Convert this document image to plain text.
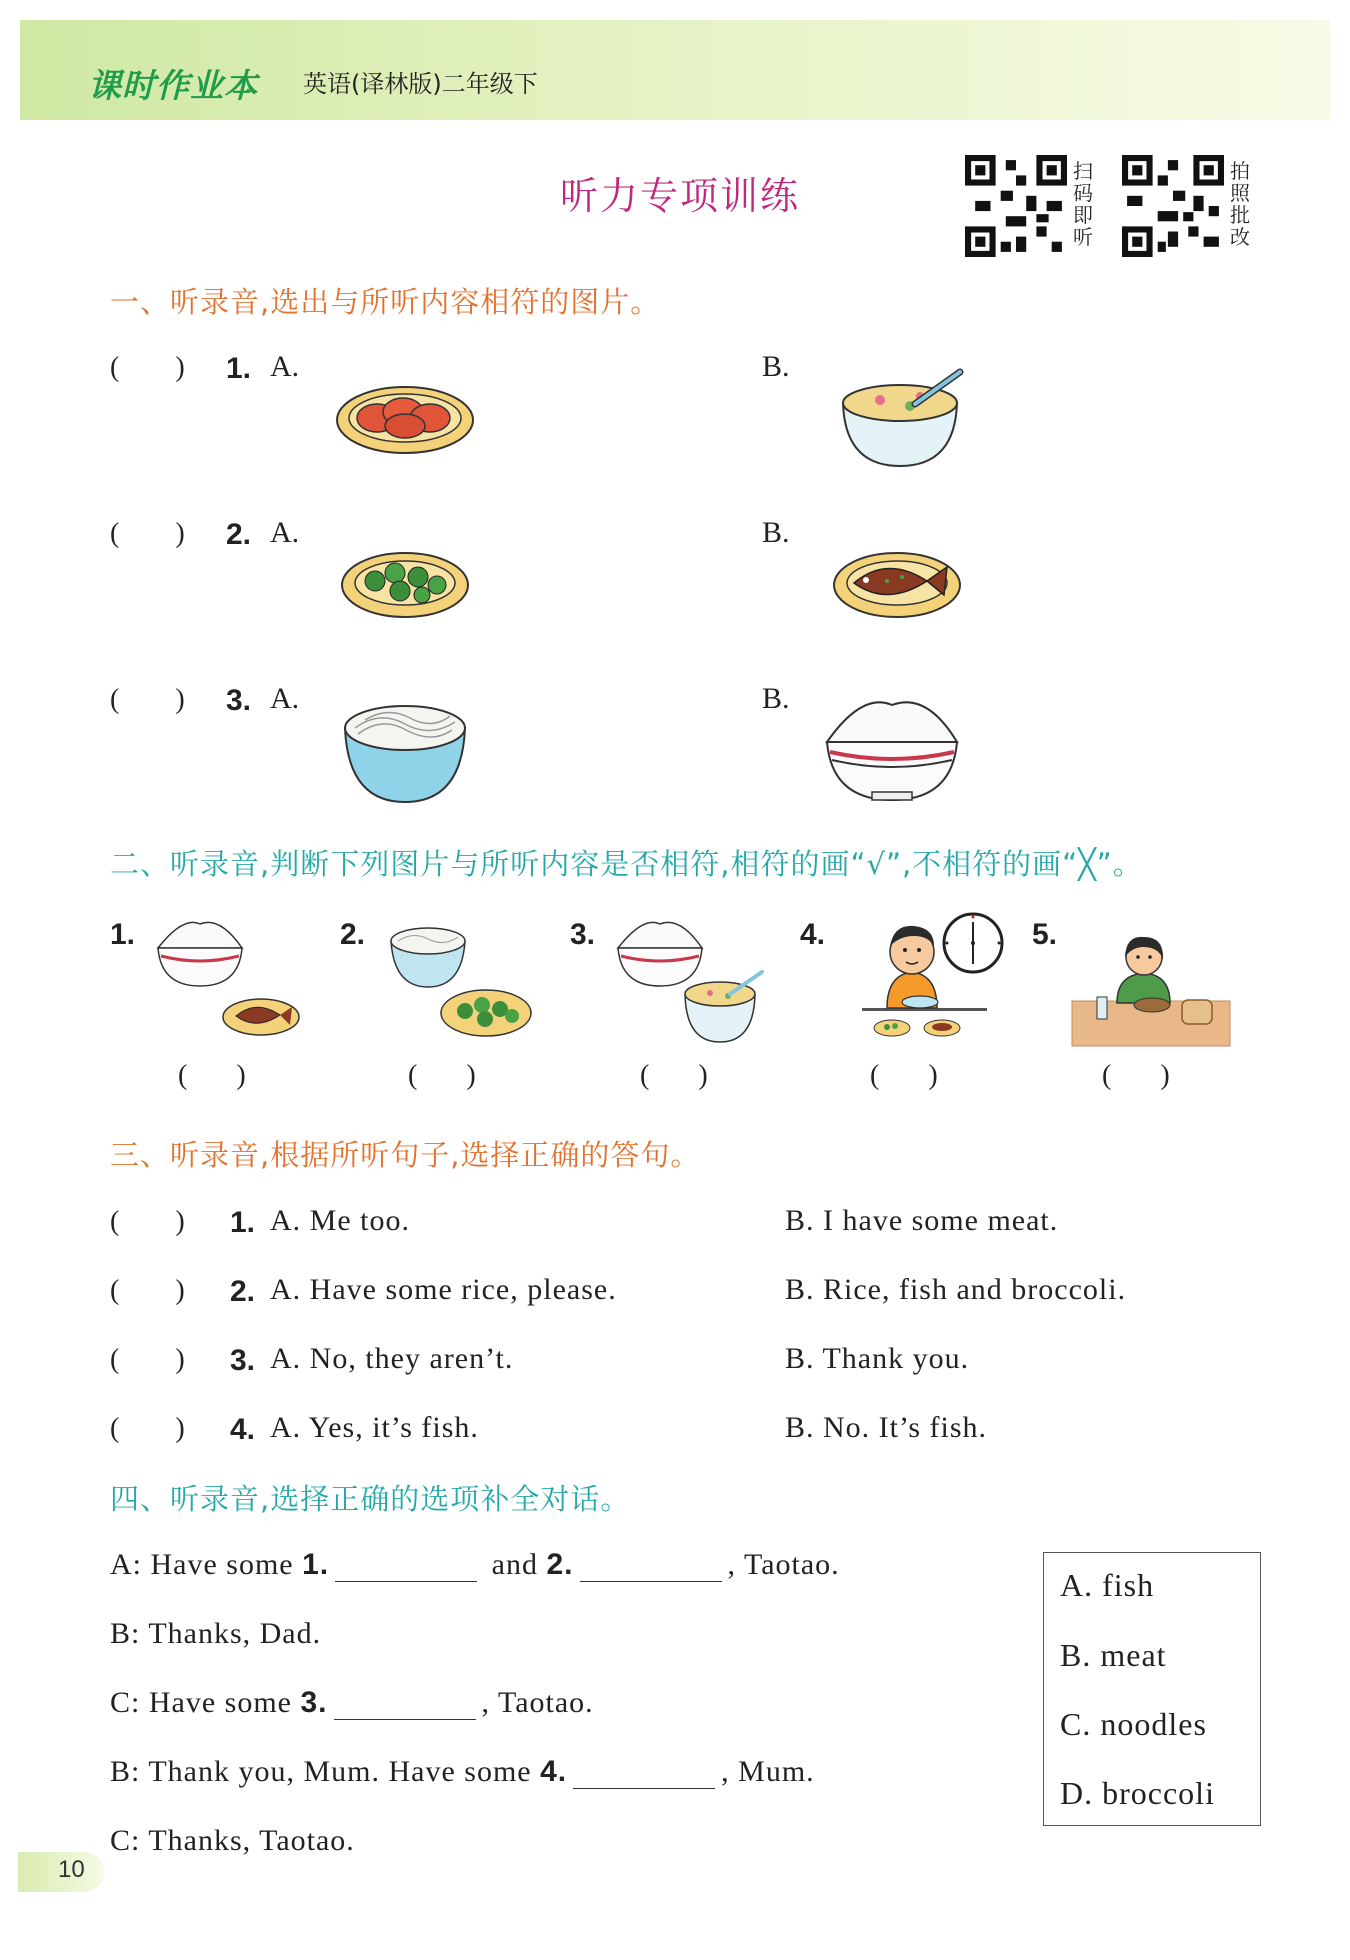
课时作业本 英语(译林版)二年级下
听力专项训练
扫码即听
拍照批改
一、听录音,选出与所听内容相符的图片。
(        ) 1. A.	B.
(        ) 2. A.	B.
(        ) 3. A.	B.
二、听录音,判断下列图片与所听内容是否相符,相符的画“√”,不相符的画“╳”。
1.
(       )
2.
(       )
3.
(       )
4.
(       )
5.
(       )
三、听录音,根据所听句子,选择正确的答句。
(        ) 1. A. Me too.	B. I have some meat.
(        ) 2. A. Have some rice, please.	B. Rice, fish and broccoli.
(        ) 3. A. No, they aren’t.	B. Thank you.
(        ) 4. A. Yes, it’s fish.	B. No. It’s fish.
四、听录音,选择正确的选项补全对话。
A: Have some 1.	and 2.	, Taotao.
B: Thanks, Dad.
C: Have some 3.	, Taotao.
B: Thank you, Mum. Have some 4.	, Mum.
C: Thanks, Taotao.
A. fish
B. meat
C. noodles
D. broccoli
10
